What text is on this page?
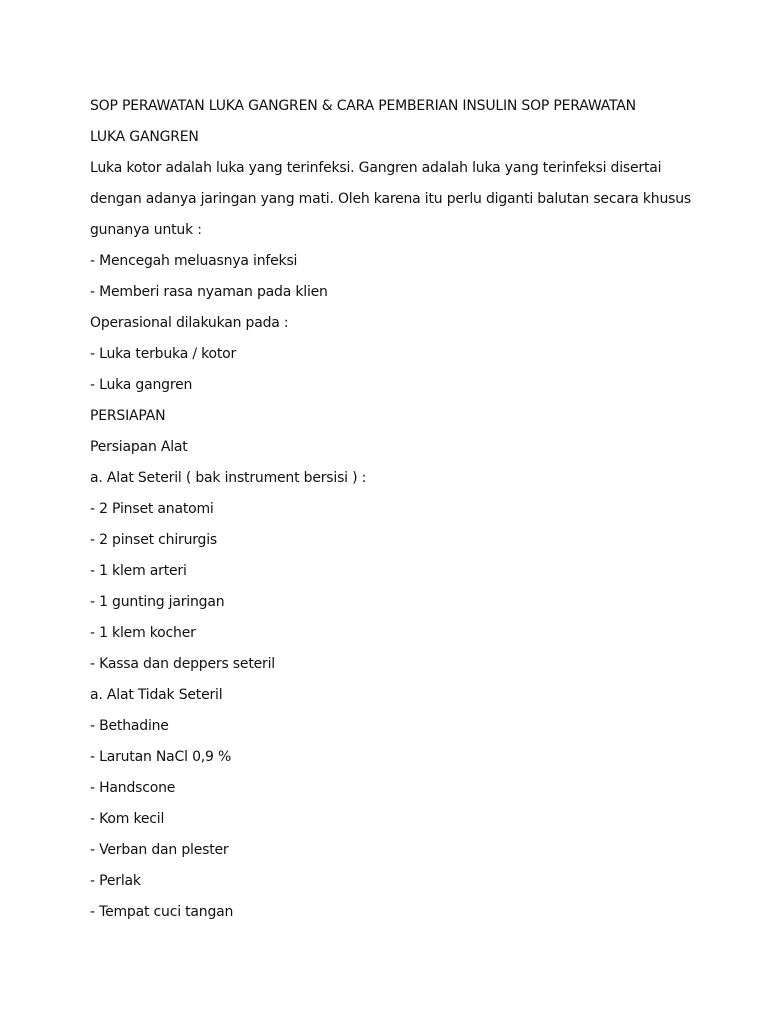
SOP PERAWATAN LUKA GANGREN & CARA PEMBERIAN INSULIN SOP PERAWATAN
LUKA GANGREN
Luka kotor adalah luka yang terinfeksi. Gangren adalah luka yang terinfeksi disertai
dengan adanya jaringan yang mati. Oleh karena itu perlu diganti balutan secara khusus
gunanya untuk :
- Mencegah meluasnya infeksi
- Memberi rasa nyaman pada klien
Operasional dilakukan pada :
- Luka terbuka / kotor
- Luka gangren
PERSIAPAN
Persiapan Alat
a. Alat Seteril ( bak instrument bersisi ) :
- 2 Pinset anatomi
- 2 pinset chirurgis
- 1 klem arteri
- 1 gunting jaringan
- 1 klem kocher
- Kassa dan deppers seteril
a. Alat Tidak Seteril
- Bethadine
- Larutan NaCl 0,9 %
- Handscone
- Kom kecil
- Verban dan plester
- Perlak
- Tempat cuci tangan
